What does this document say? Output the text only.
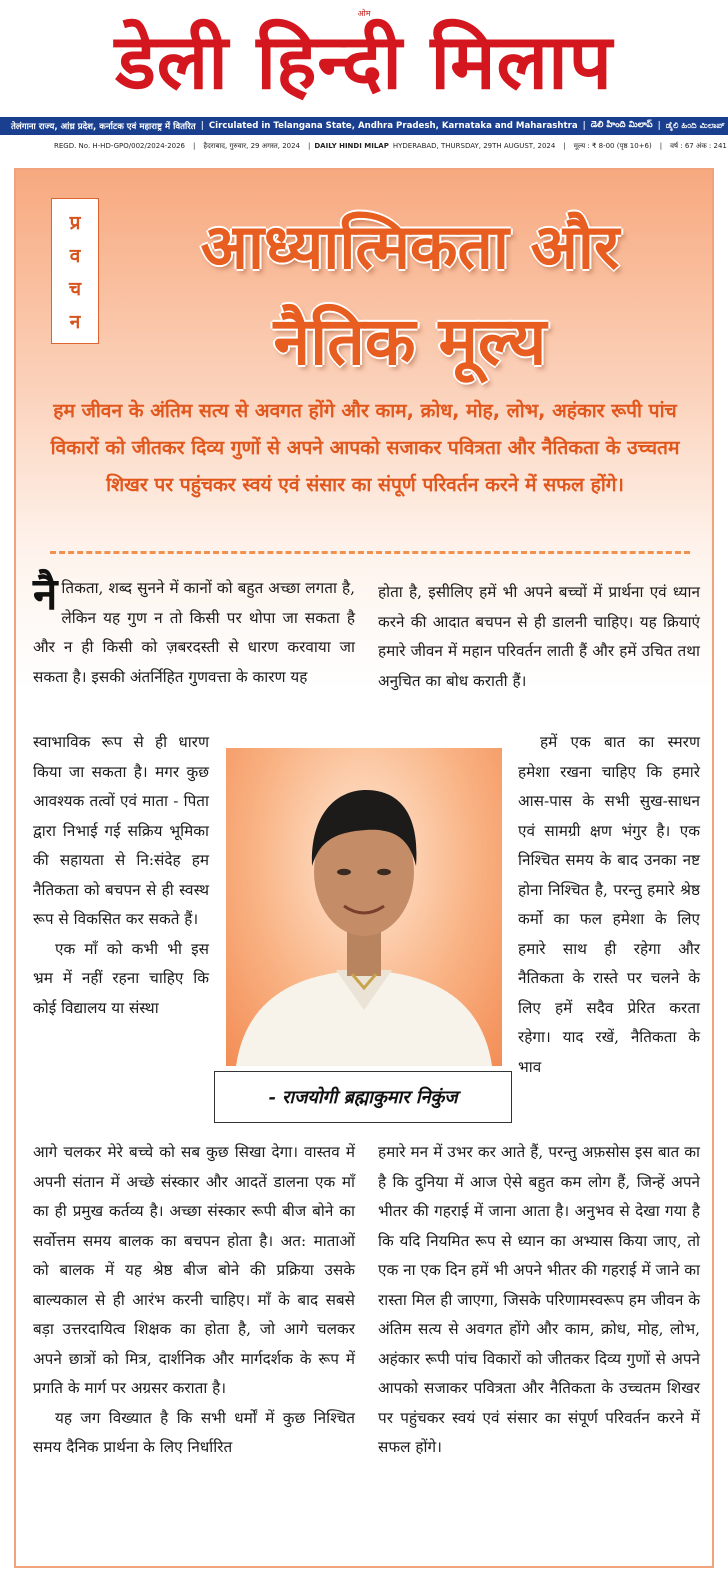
ओम
डेली हिन्दी मिलाप
तेलंगाना राज्य, आंध्र प्रदेश, कर्नाटक एवं महाराष्ट्र में वितरित | Circulated in Telangana State, Andhra Pradesh, Karnataka and Maharashtra | డెలి హింది మిలాప్ | ಡೈಲಿ ಹಿಂದಿ ಮಿಲಾಪ್
REGD. No. H-HD-GPO/002/2024-2026	|	हैदराबाद, गुरुवार, 29 अगस्त, 2024	| DAILY HINDI MILAP HYDERABAD, THURSDAY, 29TH AUGUST, 2024	|	मूल्य : ₹ 8-00 (पृष्ठ 10+6)	|	वर्ष : 67 अंक : 241
प्र
व
च
न
आध्यात्मिकता और
नैतिक मूल्य
हम जीवन के अंतिम सत्य से अवगत होंगे और काम, क्रोध, मोह, लोभ, अहंकार रूपी पांच विकारों को जीतकर दिव्य गुणों से अपने आपको सजाकर पवित्रता और नैतिकता के उच्चतम शिखर पर पहुंचकर स्वयं एवं संसार का संपूर्ण परिवर्तन करने में सफल होंगे।

नैतिकता, शब्द सुनने में कानों को बहुत अच्छा लगता है, लेकिन यह गुण न तो किसी पर थोपा जा सकता है और न ही किसी को ज़बरदस्ती से धारण करवाया जा सकता है। इसकी अंतर्निहित गुणवत्ता के कारण यह

स्वाभाविक रूप से ही धारण किया जा सकता है। मगर कुछ आवश्यक तत्वों एवं माता - पिता द्वारा निभाई गई सक्रिय भूमिका की सहायता से नि:संदेह हम नैतिकता को बचपन से ही स्वस्थ रूप से विकसित कर सकते हैं।

एक माँ को कभी भी इस भ्रम में नहीं रहना चाहिए कि कोई विद्यालय या संस्था

आगे चलकर मेरे बच्चे को सब कुछ सिखा देगा। वास्तव में अपनी संतान में अच्छे संस्कार और आदतें डालना एक माँ का ही प्रमुख कर्तव्य है। अच्छा संस्कार रूपी बीज बोने का सर्वोत्तम समय बालक का बचपन होता है। अत: माताओं को बालक में यह श्रेष्ठ बीज बोने की प्रक्रिया उसके बाल्यकाल से ही आरंभ करनी चाहिए। माँ के बाद सबसे बड़ा उत्तरदायित्व शिक्षक का होता है, जो आगे चलकर अपने छात्रों को मित्र, दार्शनिक और मार्गदर्शक के रूप में प्रगति के मार्ग पर अग्रसर कराता है।

यह जग विख्यात है कि सभी धर्मों में कुछ निश्चित समय दैनिक प्रार्थना के लिए निर्धारित

होता है, इसीलिए हमें भी अपने बच्चों में प्रार्थना एवं ध्यान करने की आदात बचपन से ही डालनी चाहिए। यह क्रियाएं हमारे जीवन में महान परिवर्तन लाती हैं और हमें उचित तथा अनुचित का बोध कराती हैं।

हमें एक बात का स्मरण हमेशा रखना चाहिए कि हमारे आस-पास के सभी सुख-साधन एवं सामग्री क्षण भंगुर है। एक निश्चित समय के बाद उनका नष्ट होना निश्चित है, परन्तु हमारे श्रेष्ठ कर्मो का फल हमेशा के लिए हमारे साथ ही रहेगा और नैतिकता के रास्ते पर चलने के लिए हमें सदैव प्रेरित करता रहेगा। याद रखें, नैतिकता के भाव

हमारे मन में उभर कर आते हैं, परन्तु अफ़सोस इस बात का है कि दुनिया में आज ऐसे बहुत कम लोग हैं, जिन्हें अपने भीतर की गहराई में जाना आता है। अनुभव से देखा गया है कि यदि नियमित रूप से ध्यान का अभ्यास किया जाए, तो एक ना एक दिन हमें भी अपने भीतर की गहराई में जाने का रास्ता मिल ही जाएगा, जिसके परिणामस्वरूप हम जीवन के अंतिम सत्य से अवगत होंगे और काम, क्रोध, मोह, लोभ, अहंकार रूपी पांच विकारों को जीतकर दिव्य गुणों से अपने आपको सजाकर पवित्रता और नैतिकता के उच्चतम शिखर पर पहुंचकर स्वयं एवं संसार का संपूर्ण परिवर्तन करने में सफल होंगे।

- राजयोगी ब्रह्माकुमार निकुंज
